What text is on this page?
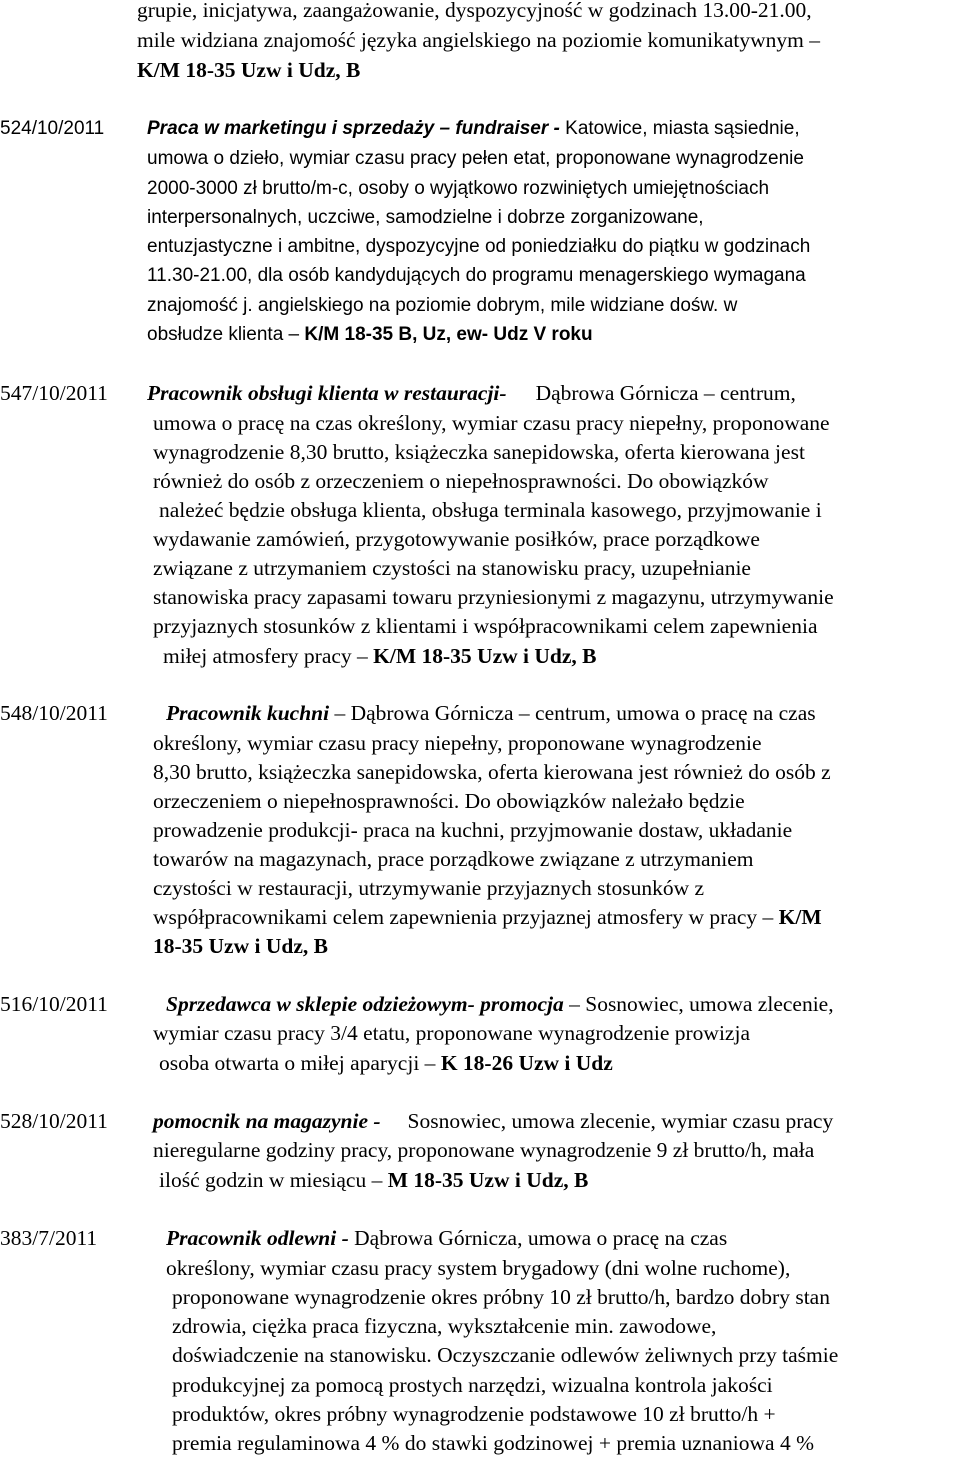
grupie, inicjatywa, zaangażowanie, dyspozycyjność w godzinach 13.00-21.00,
mile widziana znajomość języka angielskiego na poziomie komunikatywnym –
K/M 18-35 Uzw i Udz, B
524/10/2011 Praca w marketingu i sprzedaży – fundraiser - Katowice, miasta sąsiednie,
umowa o dzieło, wymiar czasu pracy pełen etat, proponowane wynagrodzenie
2000-3000 zł brutto/m-c, osoby o wyjątkowo rozwiniętych umiejętnościach
interpersonalnych, uczciwe, samodzielne i dobrze zorganizowane,
entuzjastyczne i ambitne, dyspozycyjne od poniedziałku do piątku w godzinach
11.30-21.00, dla osób kandydujących do programu menagerskiego wymagana
znajomość j. angielskiego na poziomie dobrym, mile widziane dośw. w
obsłudze klienta – K/M 18-35 B, Uz, ew- Udz V roku
547/10/2011 Pracownik obsługi klienta w restauracji- Dąbrowa Górnicza – centrum,
umowa o pracę na czas określony, wymiar czasu pracy niepełny, proponowane
wynagrodzenie 8,30 brutto, książeczka sanepidowska, oferta kierowana jest
również do osób z orzeczeniem o niepełnosprawności. Do obowiązków
należeć będzie obsługa klienta, obsługa terminala kasowego, przyjmowanie i
wydawanie zamówień, przygotowywanie posiłków, prace porządkowe
związane z utrzymaniem czystości na stanowisku pracy, uzupełnianie
stanowiska pracy zapasami towaru przyniesionymi z magazynu, utrzymywanie
przyjaznych stosunków z klientami i współpracownikami celem zapewnienia
miłej atmosfery pracy – K/M 18-35 Uzw i Udz, B
548/10/2011	Pracownik kuchni – Dąbrowa Górnicza – centrum, umowa o pracę na czas
określony, wymiar czasu pracy niepełny, proponowane wynagrodzenie
8,30 brutto, książeczka sanepidowska, oferta kierowana jest również do osób z
orzeczeniem o niepełnosprawności. Do obowiązków należało będzie
prowadzenie produkcji- praca na kuchni, przyjmowanie dostaw, układanie
towarów na magazynach, prace porządkowe związane z utrzymaniem
czystości w restauracji, utrzymywanie przyjaznych stosunków z
współpracownikami celem zapewnienia przyjaznej atmosfery w pracy – K/M
18-35 Uzw i Udz, B
516/10/2011	Sprzedawca w sklepie odzieżowym- promocja – Sosnowiec, umowa zlecenie,
wymiar czasu pracy 3/4 etatu, proponowane wynagrodzenie prowizja
osoba otwarta o miłej aparycji – K 18-26 Uzw i Udz
528/10/2011 pomocnik na magazynie - Sosnowiec, umowa zlecenie, wymiar czasu pracy
nieregularne godziny pracy, proponowane wynagrodzenie 9 zł brutto/h, mała
ilość godzin w miesiącu – M 18-35 Uzw i Udz, B
383/7/2011	Pracownik odlewni - Dąbrowa Górnicza, umowa o pracę na czas
określony, wymiar czasu pracy system brygadowy (dni wolne ruchome),
proponowane wynagrodzenie okres próbny 10 zł brutto/h, bardzo dobry stan
zdrowia, ciężka praca fizyczna, wykształcenie min. zawodowe,
doświadczenie na stanowisku. Oczyszczanie odlewów żeliwnych przy taśmie
produkcyjnej za pomocą prostych narzędzi, wizualna kontrola jakości
produktów, okres próbny wynagrodzenie podstawowe 10 zł brutto/h +
premia regulaminowa 4 % do stawki godzinowej + premia uznaniowa 4 %
